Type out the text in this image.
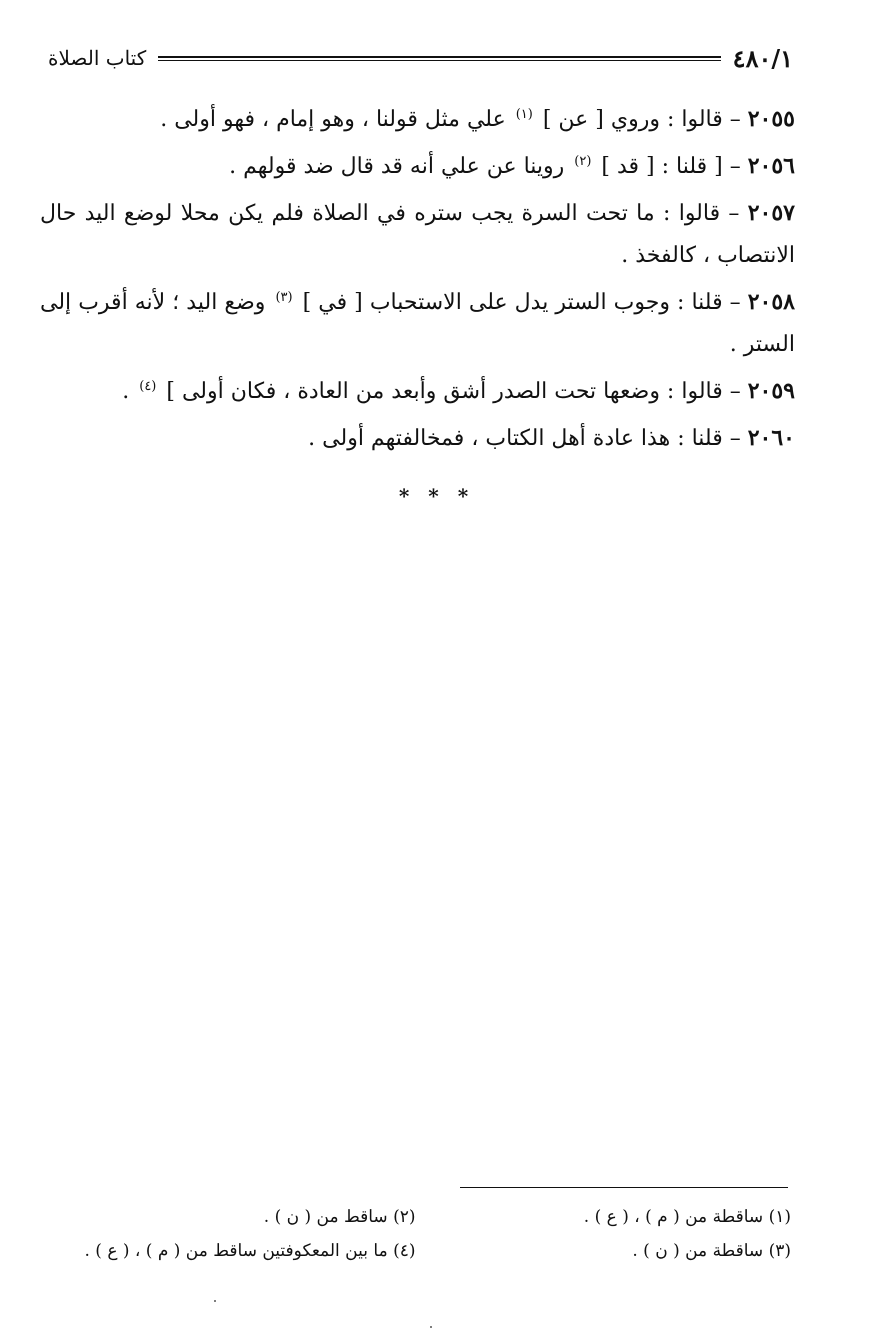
٤٨٠/١
كتاب الصلاة

٢٠٥٥ – قالوا : وروي [ عن ] $^{(١)}$ علي مثل قولنا ، وهو إمام ، فهو أولى .

٢٠٥٦ – [ قلنا : [ قد ] $^{(٢)}$ روينا عن علي أنه قد قال ضد قولهم .

٢٠٥٧ – قالوا : ما تحت السرة يجب ستره في الصلاة فلم يكن محلا لوضع اليد حال الانتصاب ، كالفخذ .

٢٠٥٨ – قلنا : وجوب الستر يدل على الاستحباب [ في ] $^{(٣)}$ وضع اليد ؛ لأنه أقرب إلى الستر .

٢٠٥٩ – قالوا : وضعها تحت الصدر أشق وأبعد من العادة ، فكان أولى ] $^{(٤)}$ .

٢٠٦٠ – قلنا : هذا عادة أهل الكتاب ، فمخالفتهم أولى .

* * *
(١) ساقطة من ( م ) ، ( ع ) .
(٢) ساقط من ( ن ) .
(٣) ساقطة من ( ن ) .
(٤) ما بين المعكوفتين ساقط من ( م ) ، ( ع ) .
